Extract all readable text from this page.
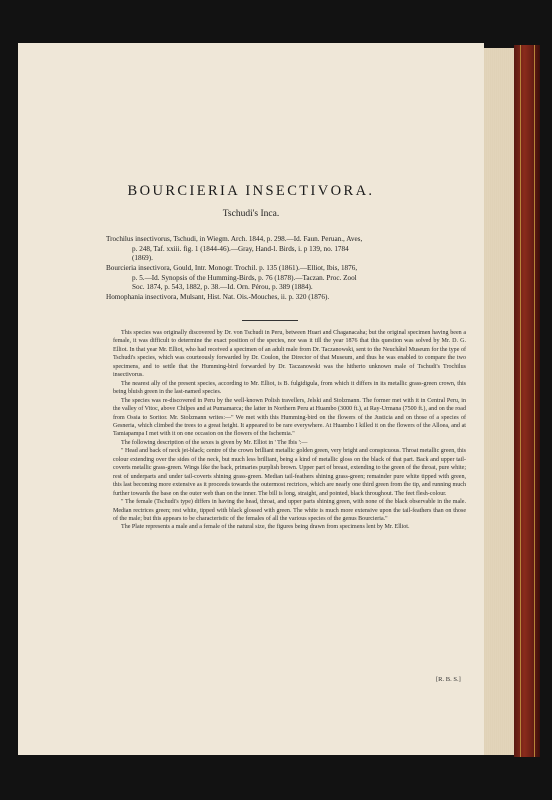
BOURCIERIA INSECTIVORA.
Tschudi's Inca.
Trochilus insectivorus, Tschudi, in Wiegm. Arch. 1844, p. 298.—Id. Faun. Peruan., Aves,
p. 248, Taf. xxiii. fig. 1 (1844-46).—Gray, Hand-l. Birds, i. p 139, no. 1784
(1869).
Bourcieria insectivora, Gould, Intr. Monogr. Trochil. p. 135 (1861).—Elliot, Ibis, 1876,
p. 5.—Id. Synopsis of the Humming-Birds, p. 76 (1878).—Taczan. Proc. Zool
Soc. 1874, p. 543, 1882, p. 38.—Id. Orn. Pérou, p. 389 (1884).
Homophania insectivora, Mulsant, Hist. Nat. Ois.-Mouches, ii. p. 320 (1876).

This species was originally discovered by Dr. von Tschudi in Peru, between Huari and Chaganacaha; but the original specimen having been a female, it was difficult to determine the exact position of the species, nor was it till the year 1876 that this question was solved by Mr. D. G. Elliot. In that year Mr. Elliot, who had received a specimen of an adult male from Dr. Taczanowski, sent to the Neuchâtel Museum for the type of Tschudi's species, which was courteously forwarded by Dr. Coulon, the Director of that Museum, and thus he was enabled to compare the two specimens, and to settle that the Humming-bird forwarded by Dr. Taczanowski was the hitherto unknown male of Tschudi's Trochilus insectivorus.

The nearest ally of the present species, according to Mr. Elliot, is B. fulgidigula, from which it differs in its metallic grass-green crown, this being bluish green in the last-named species.

The species was re-discovered in Peru by the well-known Polish travellers, Jelski and Stolzmann. The former met with it in Central Peru, in the valley of Vitoc, above Chilpes and at Pumamarca; the latter in Northern Peru at Huambo (3000 ft.), at Ray-Urmana (7500 ft.), and on the road from Ossia to Soritor. Mr. Stolzmann writes:—" We met with this Humming-bird on the flowers of the Justicia and on those of a species of Gesneria, which climbed the trees to a great height. It appeared to be rare everywhere. At Huambo I killed it on the flowers of the Alloea, and at Tamiapampa I met with it on one occasion on the flowers of the Ischemia."

The following description of the sexes is given by Mr. Elliot in ' The Ibis ':—

" Head and back of neck jet-black; centre of the crown brilliant metallic golden green, very bright and conspicuous. Throat metallic green, this colour extending over the sides of the neck, but much less brilliant, being a kind of metallic gloss on the black of that part. Back and upper tail-coverts metallic grass-green. Wings like the back, primaries purplish brown. Upper part of breast, extending to the green of the throat, pure white; rest of underparts and under tail-coverts shining grass-green. Median tail-feathers shining grass-green; remainder pure white tipped with green, this last becoming more extensive as it proceeds towards the outermost rectrices, which are nearly one third green from the tip, and running much further towards the base on the outer web than on the inner. The bill is long, straight, and pointed, black throughout. The feet flesh-colour.

" The female (Tschudi's type) differs in having the head, throat, and upper parts shining green, with none of the black observable in the male. Median rectrices green; rest white, tipped with black glossed with green. The white is much more extensive upon the tail-feathers than on those of the male; but this appears to be characteristic of the females of all the various species of the genus Bourcieria."

The Plate represents a male and a female of the natural size, the figures being drawn from specimens lent by Mr. Elliot.

[R. B. S.]
